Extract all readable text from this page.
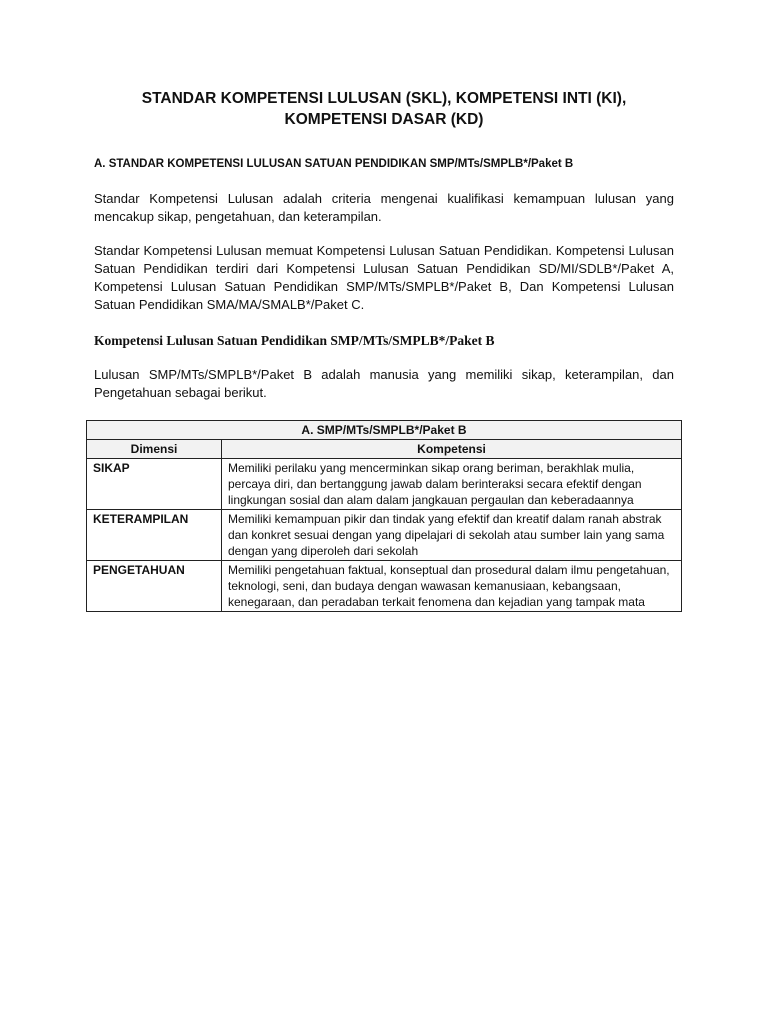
STANDAR KOMPETENSI LULUSAN (SKL), KOMPETENSI INTI (KI),
KOMPETENSI DASAR (KD)

A. STANDAR KOMPETENSI LULUSAN SATUAN PENDIDIKAN SMP/MTs/SMPLB*/Paket B

Standar Kompetensi Lulusan adalah criteria mengenai kualifikasi kemampuan lulusan yang mencakup sikap, pengetahuan, dan keterampilan.

Standar Kompetensi Lulusan memuat Kompetensi Lulusan Satuan Pendidikan. Kompetensi Lulusan Satuan Pendidikan terdiri dari Kompetensi Lulusan Satuan Pendidikan SD/MI/SDLB*/Paket A, Kompetensi Lulusan Satuan Pendidikan SMP/MTs/SMPLB*/Paket B, Dan Kompetensi Lulusan Satuan Pendidikan SMA/MA/SMALB*/Paket C.

Kompetensi Lulusan Satuan Pendidikan SMP/MTs/SMPLB*/Paket B

Lulusan SMP/MTs/SMPLB*/Paket B adalah manusia yang memiliki sikap, keterampilan, dan Pengetahuan sebagai berikut.

A. SMP/MTs/SMPLB*/Paket B	
Dimensi	Kompetensi
SIKAP	Memiliki perilaku yang mencerminkan sikap orang beriman, berakhlak mulia, percaya diri, dan bertanggung jawab dalam berinteraksi secara efektif dengan lingkungan sosial dan alam dalam jangkauan pergaulan dan keberadaannya
KETERAMPILAN	Memiliki kemampuan pikir dan tindak yang efektif dan kreatif dalam ranah abstrak dan konkret sesuai dengan yang dipelajari di sekolah atau sumber lain yang sama dengan yang diperoleh dari sekolah
PENGETAHUAN	Memiliki pengetahuan faktual, konseptual dan prosedural dalam ilmu pengetahuan, teknologi, seni, dan budaya dengan wawasan kemanusiaan, kebangsaan, kenegaraan, dan peradaban terkait fenomena dan kejadian yang tampak mata
